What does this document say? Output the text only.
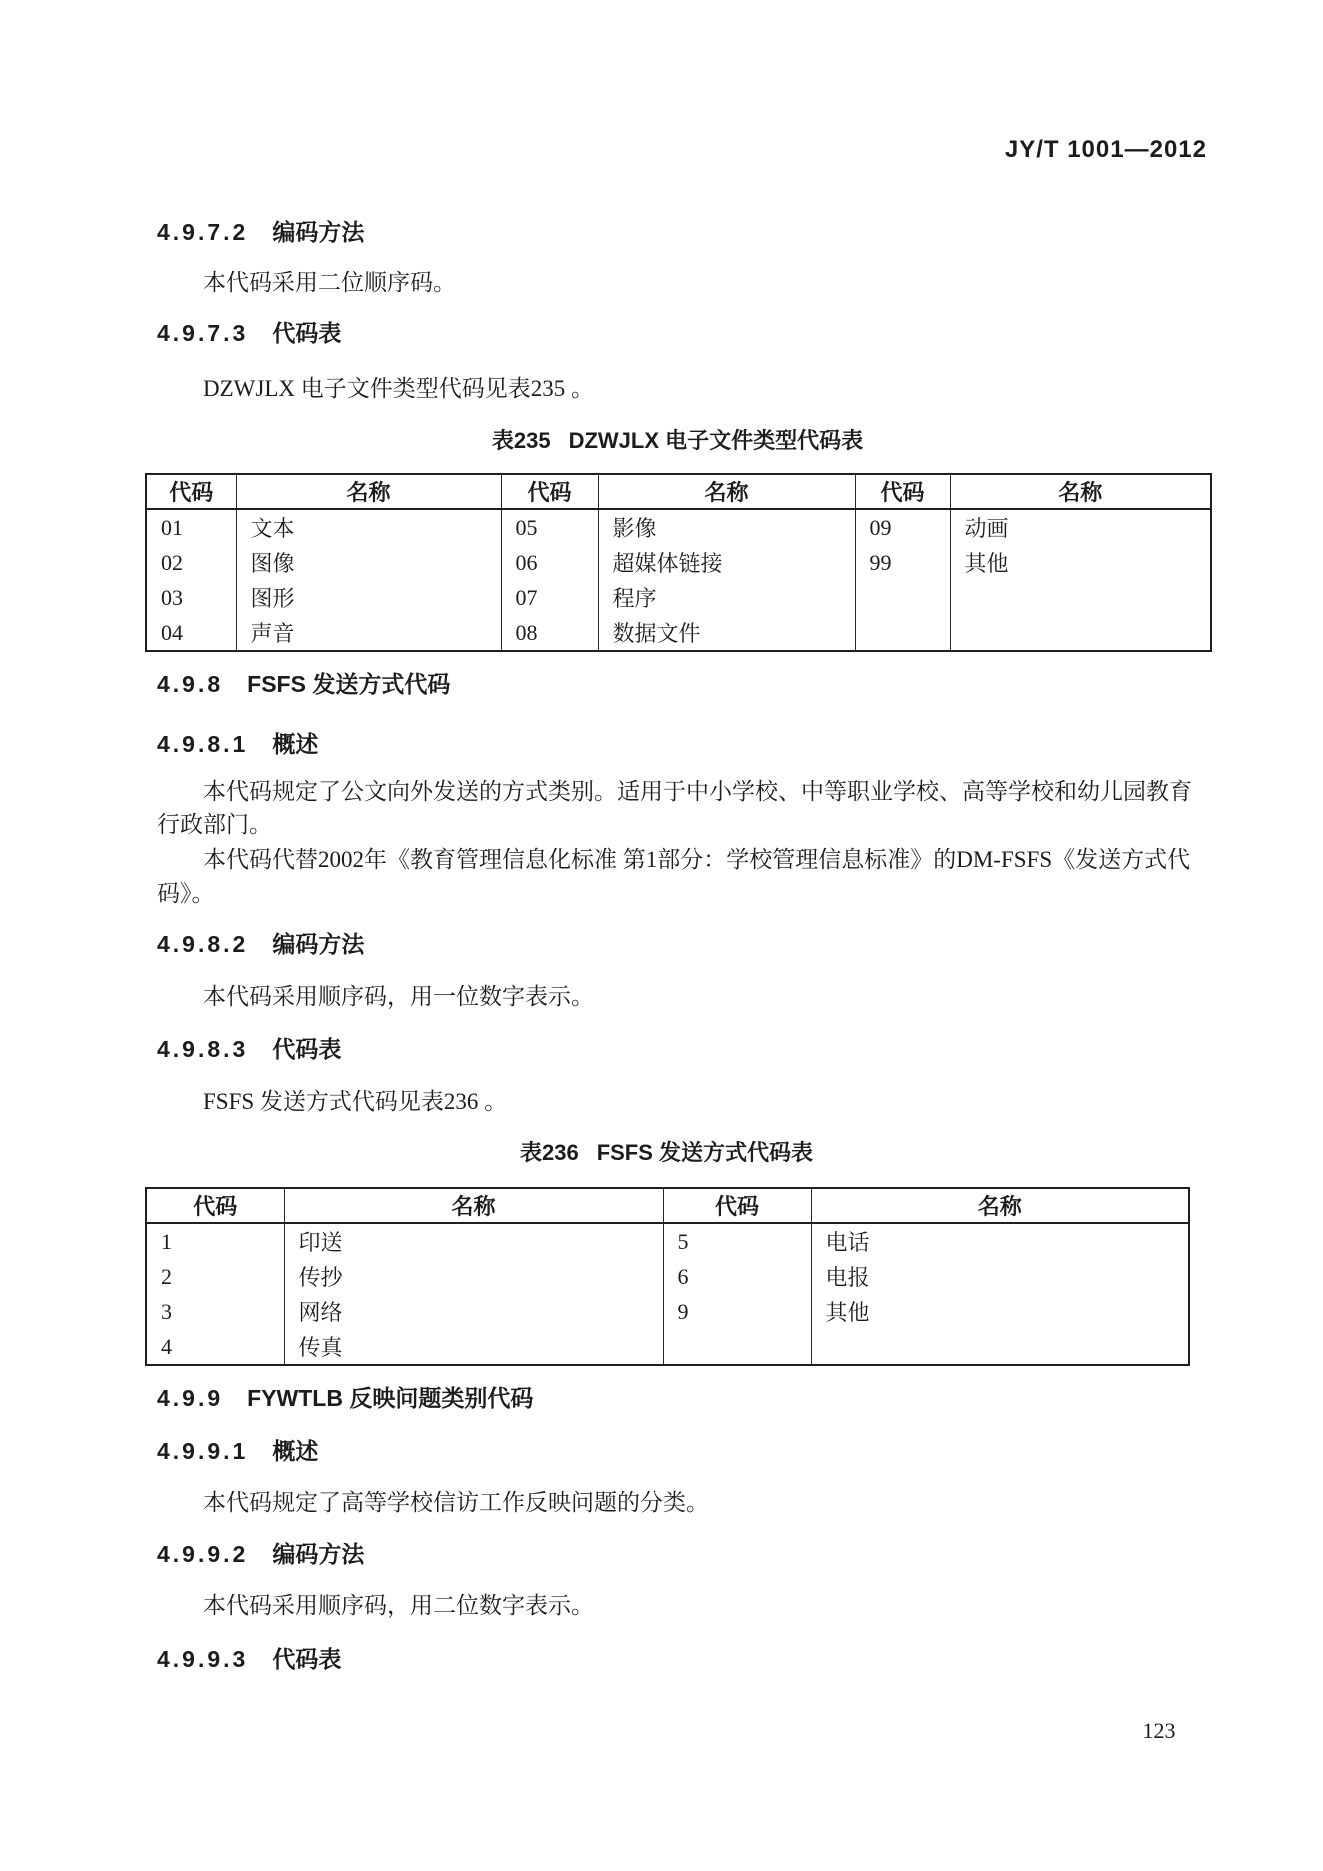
JY/T 1001—2012
4.9.7.2 编码方法
本代码采用二位顺序码。
4.9.7.3 代码表
DZWJLX 电子文件类型代码见表235 。
表235 DZWJLX 电子文件类型代码表
代码	名称	代码	名称	代码	名称
01	文本	05	影像	09	动画
02	图像	06	超媒体链接	99	其他
03	图形	07	程序		
04	声音	08	数据文件		
4.9.8 FSFS 发送方式代码
4.9.8.1 概述
本代码规定了公文向外发送的方式类别。适用于中小学校、中等职业学校、高等学校和幼儿园教育
行政部门。
本代码代替2002年《教育管理信息化标准 第1部分：学校管理信息标准》的DM-FSFS《发送方式代
码》。
4.9.8.2 编码方法
本代码采用顺序码，用一位数字表示。
4.9.8.3 代码表
FSFS 发送方式代码见表236 。
表236 FSFS 发送方式代码表
代码	名称	代码	名称
1	印送	5	电话
2	传抄	6	电报
3	网络	9	其他
4	传真		
4.9.9 FYWTLB 反映问题类别代码
4.9.9.1 概述
本代码规定了高等学校信访工作反映问题的分类。
4.9.9.2 编码方法
本代码采用顺序码，用二位数字表示。
4.9.9.3 代码表
123
